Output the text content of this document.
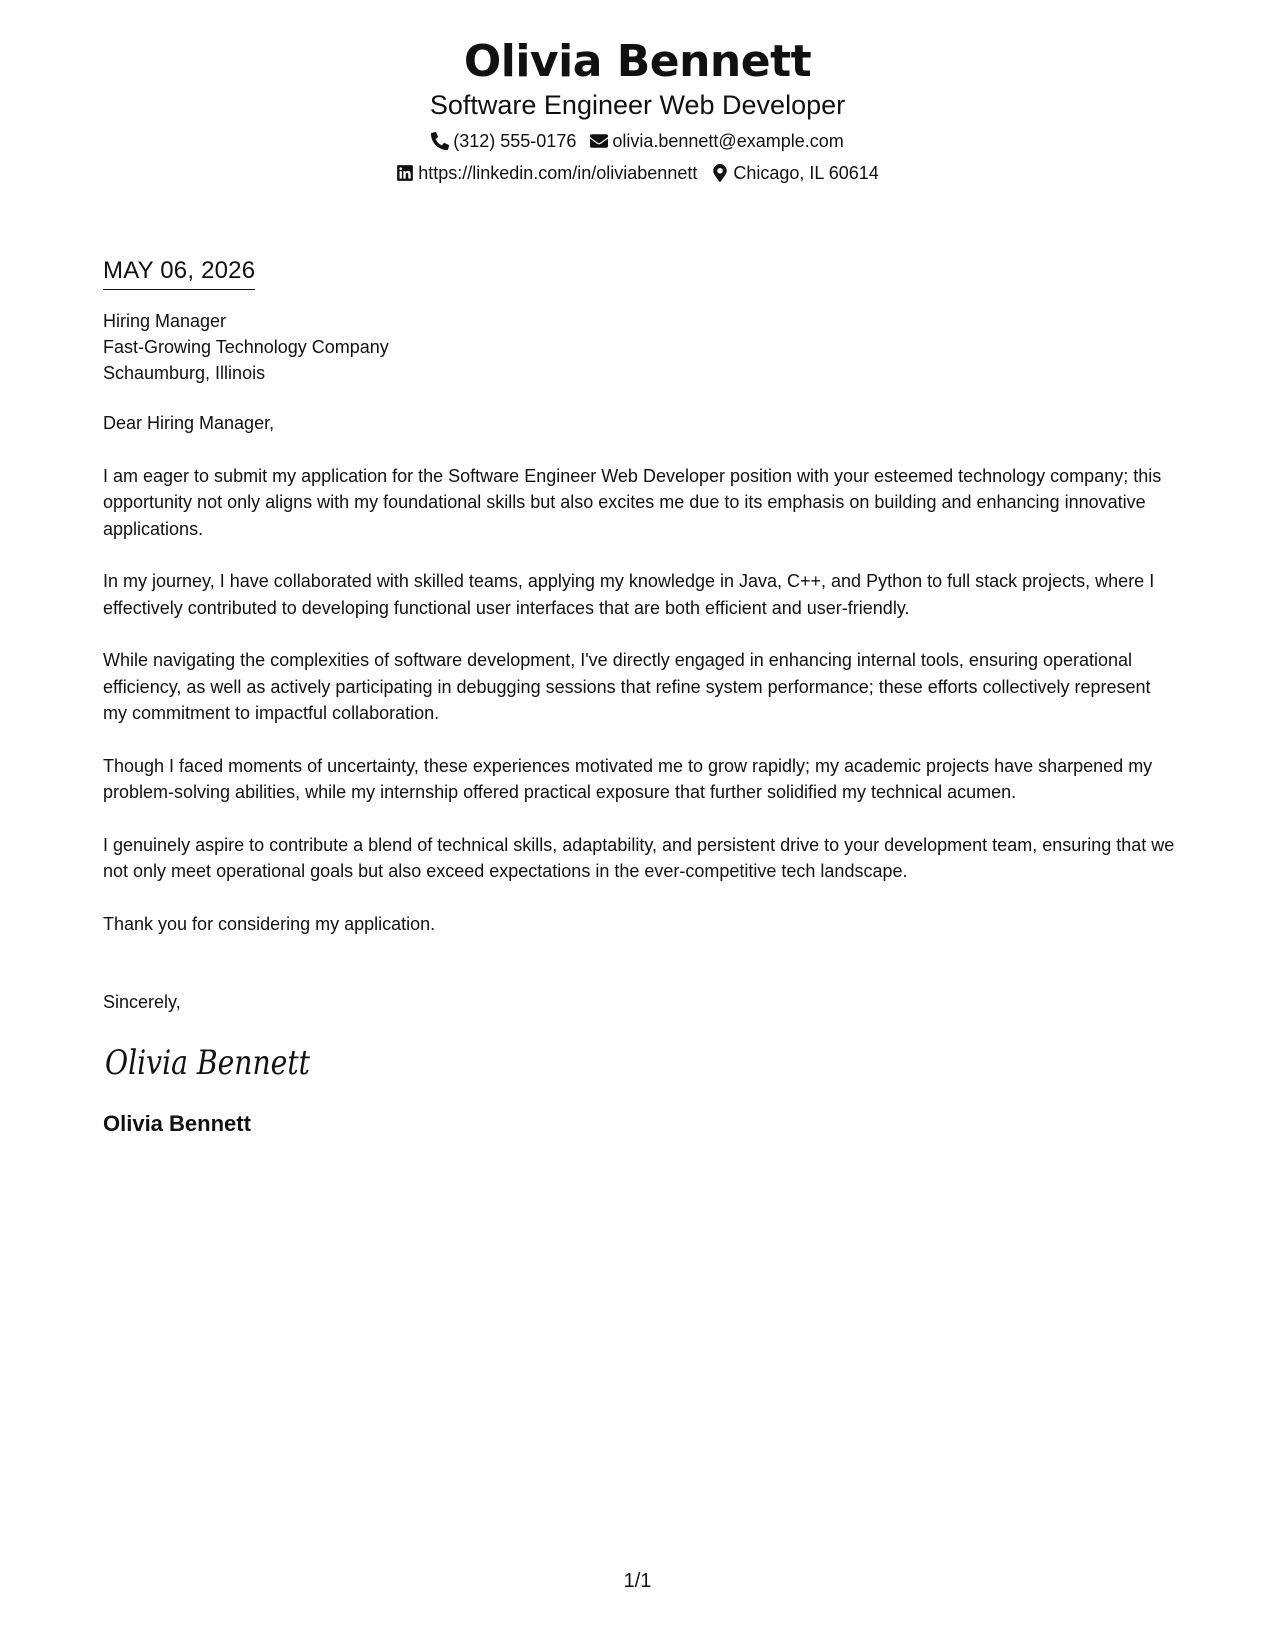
Olivia Bennett
Software Engineer Web Developer
(312) 555-0176 olivia.bennett@example.com
https://linkedin.com/in/oliviabennett Chicago, IL 60614
MAY 06, 2026
Hiring Manager
Fast-Growing Technology Company
Schaumburg, Illinois

Dear Hiring Manager,

I am eager to submit my application for the Software Engineer Web Developer position with your esteemed technology company; this opportunity not only aligns with my foundational skills but also excites me due to its emphasis on building and enhancing innovative applications.

In my journey, I have collaborated with skilled teams, applying my knowledge in Java, C++, and Python to full stack projects, where I effectively contributed to developing functional user interfaces that are both efficient and user-friendly.

While navigating the complexities of software development, I've directly engaged in enhancing internal tools, ensuring operational efficiency, as well as actively participating in debugging sessions that refine system performance; these efforts collectively represent my commitment to impactful collaboration.

Though I faced moments of uncertainty, these experiences motivated me to grow rapidly; my academic projects have sharpened my problem-solving abilities, while my internship offered practical exposure that further solidified my technical acumen.

I genuinely aspire to contribute a blend of technical skills, adaptability, and persistent drive to your development team, ensuring that we not only meet operational goals but also exceed expectations in the ever-competitive tech landscape.

Thank you for considering my application.

Sincerely,

Olivia Bennett
Olivia Bennett
1/1
